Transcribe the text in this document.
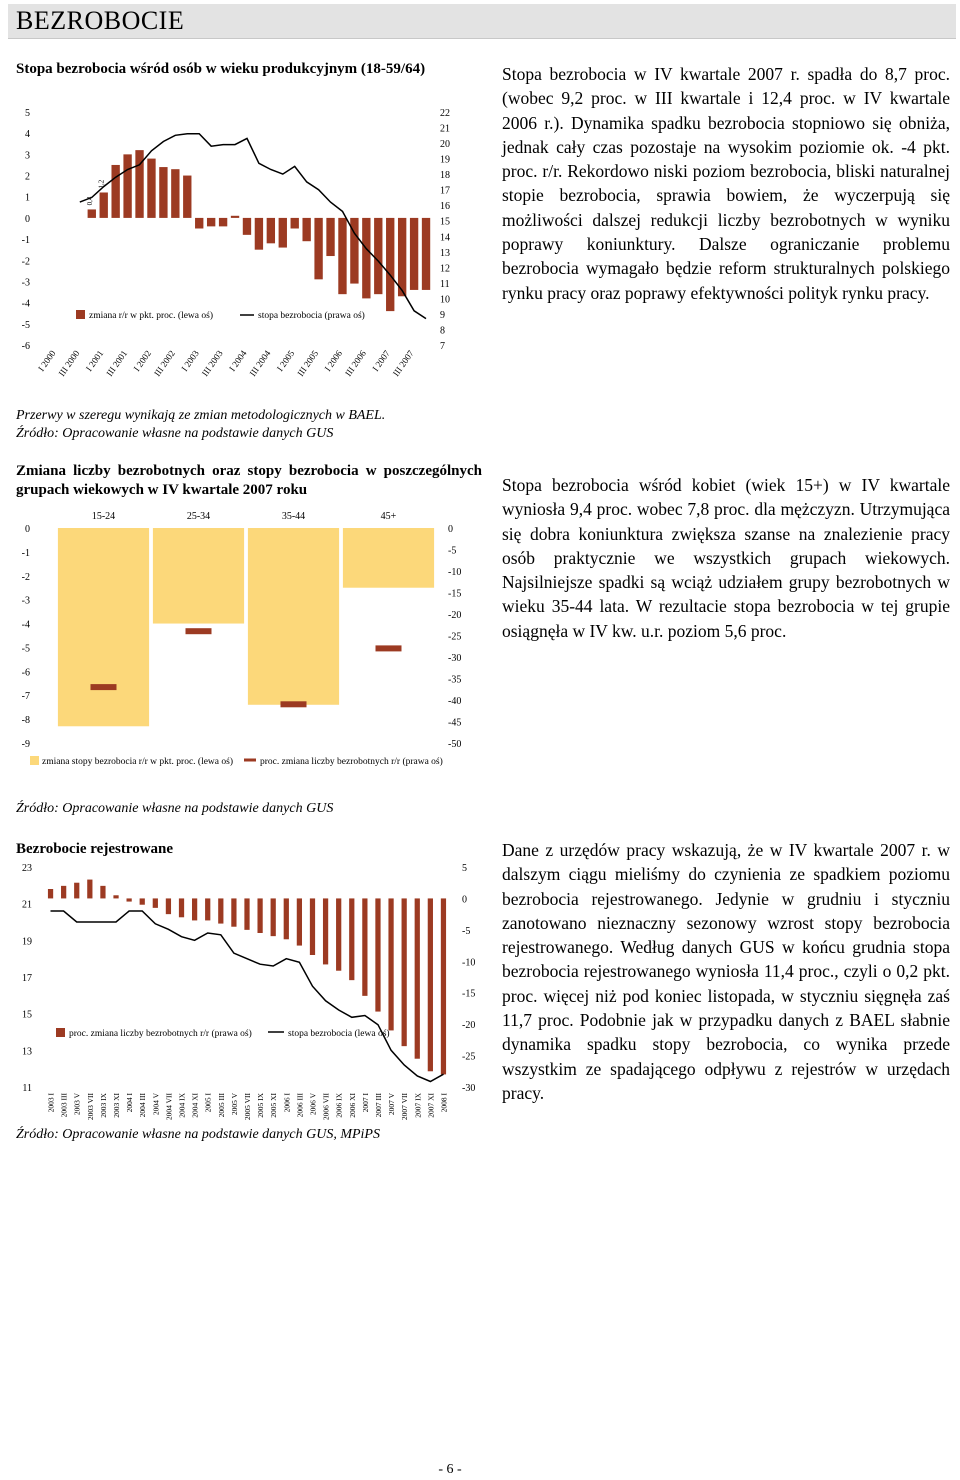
BEZROBOCIE
Stopa bezrobocia wśród osób w wieku produkcyjnym (18-59/64)
5
4
3
2
1
0
-1
-2
-3
-4
-5
-6
22
21
20
19
18
17
16
15
14
13
12
11
10
9
8
7
0,4
1,2
zmiana r/r w pkt. proc. (lewa oś)	stopa bezrobocia (prawa oś)
I 2000
III 2000 I 2001
III 2001 I 2002
III 2002 I 2003
III 2003 I 2004
III 2004 I 2005
III 2005 I 2006
III 2006 I 2007
III 2007
Przerwy w szeregu wynikają ze zmian metodologicznych w BAEL.
Źródło: Opracowanie własne na podstawie danych GUS
Stopa bezrobocia w IV kwartale 2007 r. spadła do 8,7 proc. (wobec 9,2 proc. w III kwartale i 12,4 proc. w IV kwartale 2006 r.). Dynamika spadku bezrobocia stopniowo się obniża, jednak cały czas pozostaje na wysokim poziomie ok. -4 pkt. proc. r/r. Rekordowo niski poziom bezrobocia, bliski naturalnej stopie bezrobocia, sprawia bowiem, że wyczerpują się możliwości dalszej redukcji liczby bezrobotnych w wyniku poprawy koniunktury. Dalsze ograniczanie problemu bezrobocia wymagało będzie reform strukturalnych polskiego rynku pracy oraz poprawy efektywności polityk rynku pracy.
Zmiana liczby bezrobotnych oraz stopy bezrobocia w poszczególnych grupach wiekowych w IV kwartale 2007 roku
0
-1
-2
-3
-4
-5
-6
-7
-8
-9
0
-5
-10
-15
-20
-25
-30
-35
-40
-45
-50
15-24	25-34	35-44	45+
zmiana stopy bezrobocia r/r w pkt. proc. (lewa oś)	proc. zmiana liczby bezrobotnych r/r (prawa oś)
Źródło: Opracowanie własne na podstawie danych GUS
Stopa bezrobocia wśród kobiet (wiek 15+) w IV kwartale wyniosła 9,4 proc. wobec 7,8 proc. dla mężczyzn. Utrzymująca się dobra koniunktura zwiększa szanse na znalezienie pracy osób praktycznie we wszystkich grupach wiekowych. Najsilniejsze spadki są wciąż udziałem grupy bezrobotnych w wieku 35-44 lata. W rezultacie stopa bezrobocia w tej grupie osiągnęła w IV kw. u.r. poziom 5,6 proc.
Bezrobocie rejestrowane
23
21
19
17
15
13
11
5
0
-5
-10
-15
-20
-25
-30
proc. zmiana liczby bezrobotnych r/r (prawa oś)	stopa bezrobocia (lewa oś)
2003 I 2003 III 2003 V 2003 VII 2003 IX 2003 XI 2004 I 2004 III 2004 V 2004 VII 2004 IX 2004 XI 2005 I 2005 III 2005 V 2005 VII 2005 IX 2005 XI 2006 I 2006 III 2006 V 2006 VII 2006 IX 2006 XI 2007 I 2007 III 2007 V 2007 VII 2007 IX 2007 XI 2008 I
Źródło: Opracowanie własne na podstawie danych GUS, MPiPS
Dane z urzędów pracy wskazują, że w IV kwartale 2007 r. w dalszym ciągu mieliśmy do czynienia ze spadkiem poziomu bezrobocia rejestrowanego. Jedynie w grudniu i styczniu zanotowano nieznaczny sezonowy wzrost stopy bezrobocia rejestrowanego. Według danych GUS w końcu grudnia stopa bezrobocia rejestrowanego wyniosła 11,4 proc., czyli o 0,2 pkt. proc. więcej niż pod koniec listopada, w styczniu sięgnęła zaś 11,7 proc. Podobnie jak w przypadku danych z BAEL słabnie dynamika spadku stopy bezrobocia, co wynika przede wszystkim ze spadającego odpływu z rejestrów w urzędach pracy.
- 6 -
